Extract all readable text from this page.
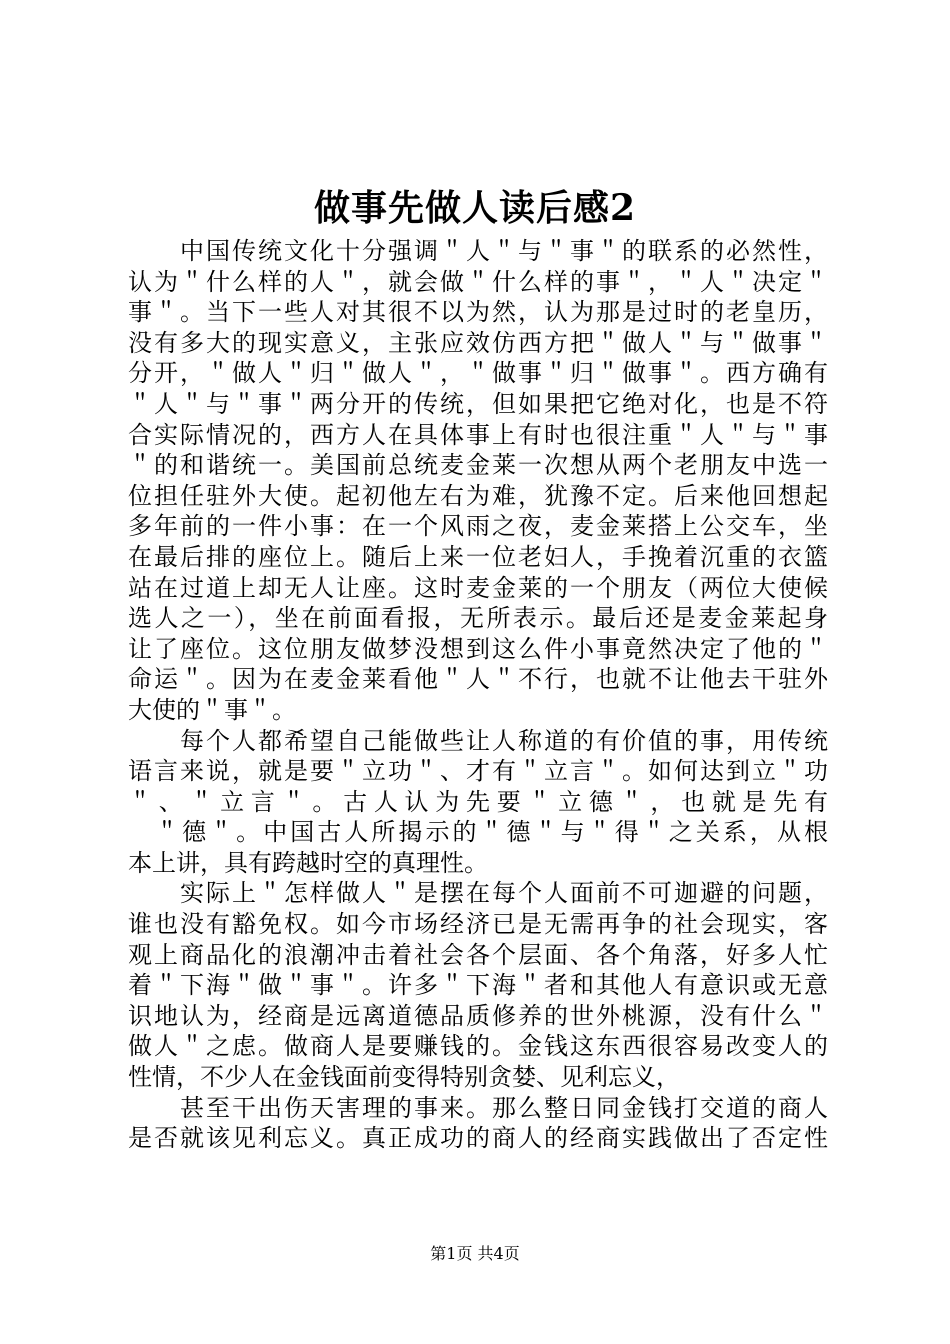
做事先做人读后感2
　　中国传统文化十分强调＂人＂与＂事＂的联系的必然性，
认为＂什么样的人＂，就会做＂什么样的事＂，＂人＂决定＂
事＂。当下一些人对其很不以为然，认为那是过时的老皇历，
没有多大的现实意义，主张应效仿西方把＂做人＂与＂做事＂
分开，＂做人＂归＂做人＂，＂做事＂归＂做事＂。西方确有
＂人＂与＂事＂两分开的传统，但如果把它绝对化，也是不符
合实际情况的，西方人在具体事上有时也很注重＂人＂与＂事
＂的和谐统一。美国前总统麦金莱一次想从两个老朋友中选一
位担任驻外大使。起初他左右为难，犹豫不定。后来他回想起
多年前的一件小事：在一个风雨之夜，麦金莱搭上公交车，坐
在最后排的座位上。随后上来一位老妇人，手挽着沉重的衣篮
站在过道上却无人让座。这时麦金莱的一个朋友（两位大使候
选人之一），坐在前面看报，无所表示。最后还是麦金莱起身
让了座位。这位朋友做梦没想到这么件小事竟然决定了他的＂
命运＂。因为在麦金莱看他＂人＂不行，也就不让他去干驻外
大使的＂事＂。
　　每个人都希望自己能做些让人称道的有价值的事，用传统
语言来说，就是要＂立功＂、才有＂立言＂。如何达到立＂功
＂、＂立言＂。古人认为先要＂立德＂，也就是先有
　＂德＂。中国古人所揭示的＂德＂与＂得＂之关系，从根
本上讲，具有跨越时空的真理性。
　　实际上＂怎样做人＂是摆在每个人面前不可迦避的问题，
谁也没有豁免权。如今市场经济已是无需再争的社会现实，客
观上商品化的浪潮冲击着社会各个层面、各个角落，好多人忙
着＂下海＂做＂事＂。许多＂下海＂者和其他人有意识或无意
识地认为，经商是远离道德品质修养的世外桃源，没有什么＂
做人＂之虑。做商人是要赚钱的。金钱这东西很容易改变人的
性情，不少人在金钱面前变得特别贪婪、见利忘义，
　　甚至干出伤天害理的事来。那么整日同金钱打交道的商人
是否就该见利忘义。真正成功的商人的经商实践做出了否定性
第1页 共4页
